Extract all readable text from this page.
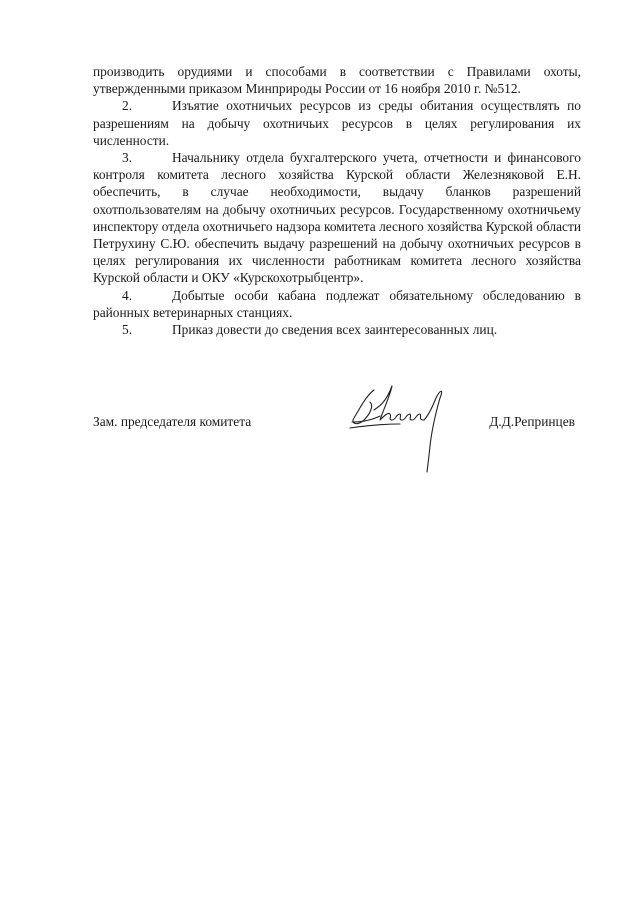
производить орудиями и способами в соответствии с Правилами охоты, утвержденными приказом Минприроды России от 16 ноября 2010 г. №512.

2.	Изъятие охотничьих ресурсов из среды обитания осуществлять по разрешениям на добычу охотничьих ресурсов в целях регулирования их численности.

3.	Начальнику отдела бухгалтерского учета, отчетности и финансового контроля комитета лесного хозяйства Курской области Железняковой Е.Н. обеспечить, в случае необходимости, выдачу бланков разрешений охотпользователям на добычу охотничьих ресурсов. Государственному охотничьему инспектору отдела охотничьего надзора комитета лесного хозяйства Курской области Петрухину С.Ю. обеспечить выдачу разрешений на добычу охотничьих ресурсов в целях регулирования их численности работникам комитета лесного хозяйства Курской области и ОКУ «Курскохотрыбцентр».

4.	Добытые особи кабана подлежат обязательному обследованию в районных ветеринарных станциях.

5.	Приказ довести до сведения всех заинтересованных лиц.

Зам. председателя комитета	Д.Д.Репринцев
